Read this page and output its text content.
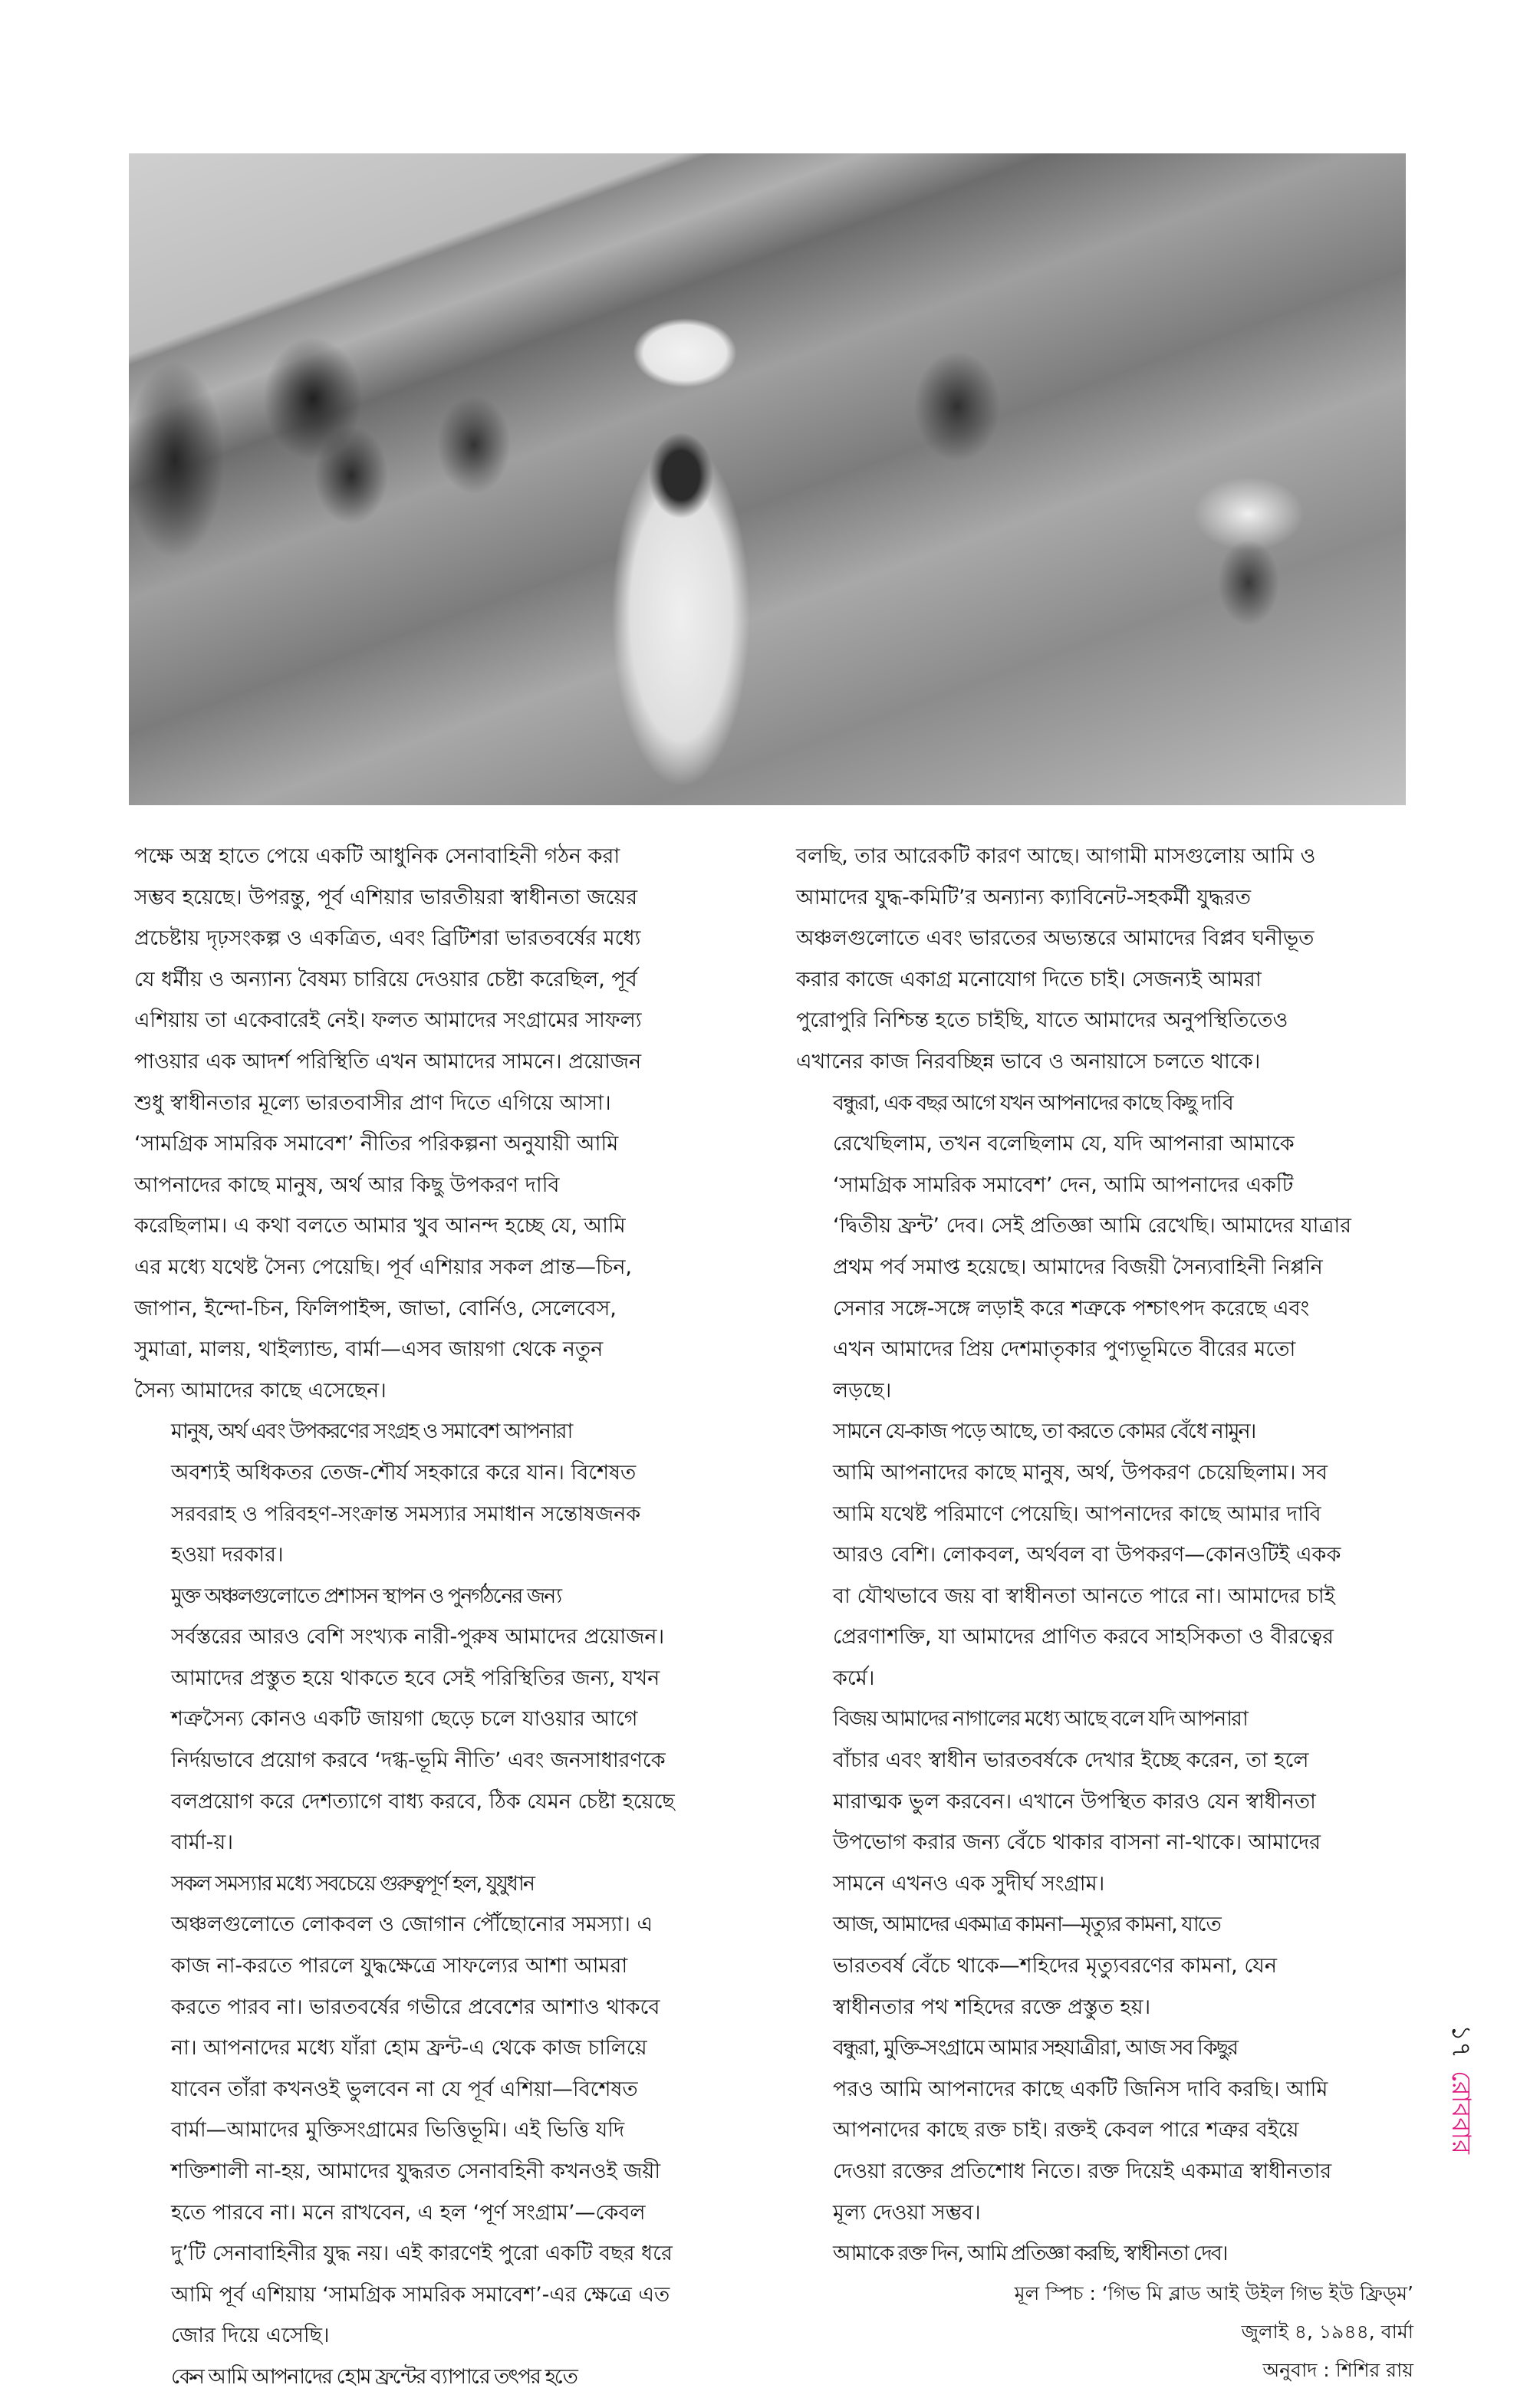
পক্ষে অস্ত্র হাতে পেয়ে একটি আধুনিক সেনাবাহিনী গঠন করা
সম্ভব হয়েছে। উপরন্তু, পূর্ব এশিয়ার ভারতীয়রা স্বাধীনতা জয়ের
প্রচেষ্টায় দৃঢ়সংকল্প ও একত্রিত, এবং ব্রিটিশরা ভারতবর্ষের মধ্যে
যে ধর্মীয় ও অন্যান্য বৈষম্য চারিয়ে দেওয়ার চেষ্টা করেছিল, পূর্ব
এশিয়ায় তা একেবারেই নেই। ফলত আমাদের সংগ্রামের সাফল্য
পাওয়ার এক আদর্শ পরিস্থিতি এখন আমাদের সামনে। প্রয়োজন
শুধু স্বাধীনতার মূল্যে ভারতবাসীর প্রাণ দিতে এগিয়ে আসা।
‘সামগ্রিক সামরিক সমাবেশ’ নীতির পরিকল্পনা অনুযায়ী আমি
আপনাদের কাছে মানুষ, অর্থ আর কিছু উপকরণ দাবি
করেছিলাম। এ কথা বলতে আমার খুব আনন্দ হচ্ছে যে, আমি
এর মধ্যে যথেষ্ট সৈন্য পেয়েছি। পূর্ব এশিয়ার সকল প্রান্ত—চিন,
জাপান, ইন্দো-চিন, ফিলিপাইন্স, জাভা, বোর্নিও, সেলেবেস,
সুমাত্রা, মালয়, থাইল্যান্ড, বার্মা—এসব জায়গা থেকে নতুন
সৈন্য আমাদের কাছে এসেছেন।

মানুষ, অর্থ এবং উপকরণের সংগ্রহ ও সমাবেশ আপনারা
অবশ্যই অধিকতর তেজ-শৌর্য সহকারে করে যান। বিশেষত
সরবরাহ ও পরিবহণ-সংক্রান্ত সমস্যার সমাধান সন্তোষজনক
হওয়া দরকার।

মুক্ত অঞ্চলগুলোতে প্রশাসন স্থাপন ও পুনর্গঠনের জন্য
সর্বস্তরের আরও বেশি সংখ্যক নারী-পুরুষ আমাদের প্রয়োজন।
আমাদের প্রস্তুত হয়ে থাকতে হবে সেই পরিস্থিতির জন্য, যখন
শত্রুসৈন্য কোনও একটি জায়গা ছেড়ে চলে যাওয়ার আগে
নির্দয়ভাবে প্রয়োগ করবে ‘দগ্ধ-ভূমি নীতি’ এবং জনসাধারণকে
বলপ্রয়োগ করে দেশত্যাগে বাধ্য করবে, ঠিক যেমন চেষ্টা হয়েছে
বার্মা-য়।

সকল সমস্যার মধ্যে সবচেয়ে গুরুত্বপূর্ণ হল, যুযুধান
অঞ্চলগুলোতে লোকবল ও জোগান পৌঁছোনোর সমস্যা। এ
কাজ না-করতে পারলে যুদ্ধক্ষেত্রে সাফল্যের আশা আমরা
করতে পারব না। ভারতবর্ষের গভীরে প্রবেশের আশাও থাকবে
না। আপনাদের মধ্যে যাঁরা হোম ফ্রন্ট-এ থেকে কাজ চালিয়ে
যাবেন তাঁরা কখনওই ভুলবেন না যে পূর্ব এশিয়া—বিশেষত
বার্মা—আমাদের মুক্তিসংগ্রামের ভিত্তিভূমি। এই ভিত্তি যদি
শক্তিশালী না-হয়, আমাদের যুদ্ধরত সেনাবহিনী কখনওই জয়ী
হতে পারবে না। মনে রাখবেন, এ হল ‘পূর্ণ সংগ্রাম’—কেবল
দু’টি সেনাবাহিনীর যুদ্ধ নয়। এই কারণেই পুরো একটি বছর ধরে
আমি পূর্ব এশিয়ায় ‘সামগ্রিক সামরিক সমাবেশ’-এর ক্ষেত্রে এত
জোর দিয়ে এসেছি।

কেন আমি আপনাদের হোম ফ্রন্টের ব্যাপারে তৎপর হতে

বলছি, তার আরেকটি কারণ আছে। আগামী মাসগুলোয় আমি ও
আমাদের যুদ্ধ-কমিটি’র অন্যান্য ক্যাবিনেট-সহকর্মী যুদ্ধরত
অঞ্চলগুলোতে এবং ভারতের অভ্যন্তরে আমাদের বিপ্লব ঘনীভূত
করার কাজে একাগ্র মনোযোগ দিতে চাই। সেজন্যই আমরা
পুরোপুরি নিশ্চিন্ত হতে চাইছি, যাতে আমাদের অনুপস্থিতিতেও
এখানের কাজ নিরবচ্ছিন্ন ভাবে ও অনায়াসে চলতে থাকে।

বন্ধুরা, এক বছর আগে যখন আপনাদের কাছে কিছু দাবি
রেখেছিলাম, তখন বলেছিলাম যে, যদি আপনারা আমাকে
‘সামগ্রিক সামরিক সমাবেশ’ দেন, আমি আপনাদের একটি
‘দ্বিতীয় ফ্রন্ট’ দেব। সেই প্রতিজ্ঞা আমি রেখেছি। আমাদের যাত্রার
প্রথম পর্ব সমাপ্ত হয়েছে। আমাদের বিজয়ী সৈন্যবাহিনী নিপ্পনি
সেনার সঙ্গে-সঙ্গে লড়াই করে শত্রুকে পশ্চাৎপদ করেছে এবং
এখন আমাদের প্রিয় দেশমাতৃকার পুণ্যভূমিতে বীরের মতো
লড়ছে।

সামনে যে-কাজ পড়ে আছে, তা করতে কোমর বেঁধে নামুন।
আমি আপনাদের কাছে মানুষ, অর্থ, উপকরণ চেয়েছিলাম। সব
আমি যথেষ্ট পরিমাণে পেয়েছি। আপনাদের কাছে আমার দাবি
আরও বেশি। লোকবল, অর্থবল বা উপকরণ—কোনওটিই একক
বা যৌথভাবে জয় বা স্বাধীনতা আনতে পারে না। আমাদের চাই
প্রেরণাশক্তি, যা আমাদের প্রাণিত করবে সাহসিকতা ও বীরত্বের
কর্মে।

বিজয় আমাদের নাগালের মধ্যে আছে বলে যদি আপনারা
বাঁচার এবং স্বাধীন ভারতবর্ষকে দেখার ইচ্ছে করেন, তা হলে
মারাত্মক ভুল করবেন। এখানে উপস্থিত কারও যেন স্বাধীনতা
উপভোগ করার জন্য বেঁচে থাকার বাসনা না-থাকে। আমাদের
সামনে এখনও এক সুদীর্ঘ সংগ্রাম।

আজ, আমাদের একমাত্র কামনা—মৃত্যুর কামনা, যাতে
ভারতবর্ষ বেঁচে থাকে—শহিদের মৃত্যুবরণের কামনা, যেন
স্বাধীনতার পথ শহিদের রক্তে প্রস্তুত হয়।

বন্ধুরা, মুক্তি-সংগ্রামে আমার সহযাত্রীরা, আজ সব কিছুর
পরও আমি আপনাদের কাছে একটি জিনিস দাবি করছি। আমি
আপনাদের কাছে রক্ত চাই। রক্তই কেবল পারে শত্রুর বইয়ে
দেওয়া রক্তের প্রতিশোধ নিতে। রক্ত দিয়েই একমাত্র স্বাধীনতার
মূল্য দেওয়া সম্ভব।

আমাকে রক্ত দিন, আমি প্রতিজ্ঞা করছি, স্বাধীনতা দেব।

মূল স্পিচ : ‘গিভ মি ব্লাড আই উইল গিভ ইউ ফ্রিড্‌ম’
জুলাই ৪, ১৯৪৪, বার্মা
অনুবাদ : শিশির রায়
১৭রোববার
